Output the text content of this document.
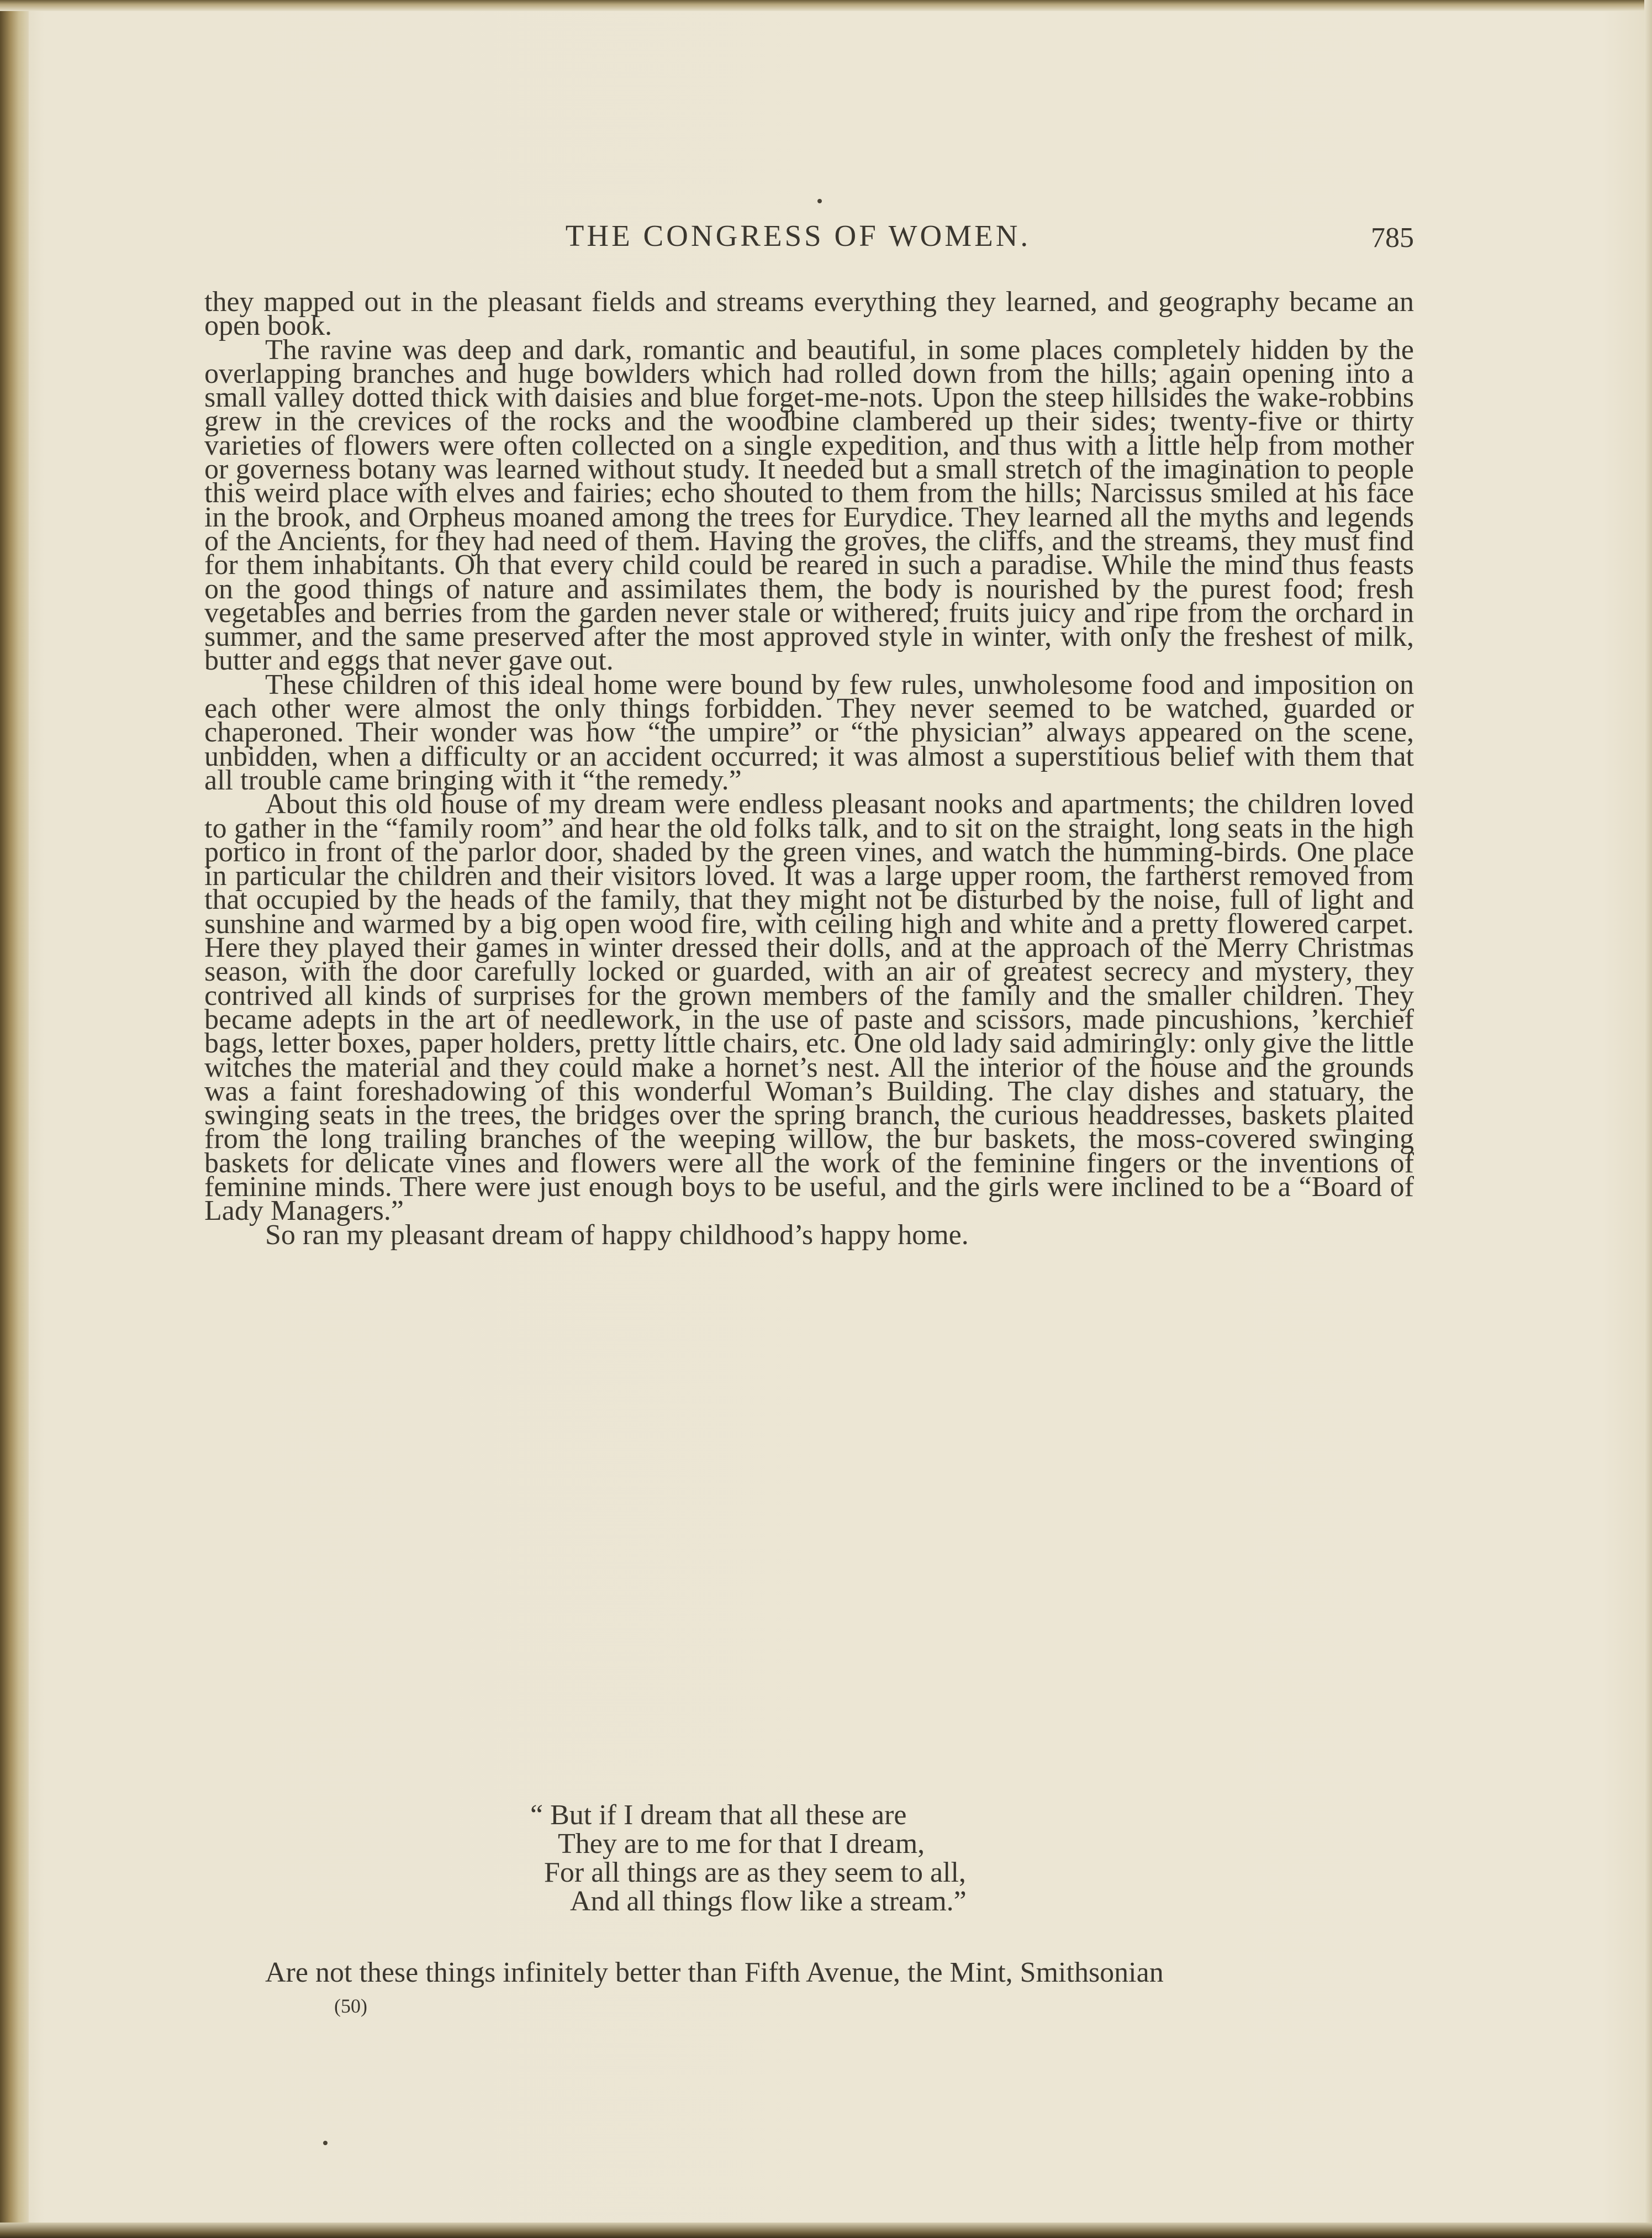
THE CONGRESS OF WOMEN.	785

they mapped out in the pleasant fields and streams everything they learned, and geography became an open book.

The ravine was deep and dark, romantic and beautiful, in some places completely hidden by the overlapping branches and huge bowlders which had rolled down from the hills; again opening into a small valley dotted thick with daisies and blue forget-me-nots. Upon the steep hillsides the wake-robbins grew in the crevices of the rocks and the woodbine clambered up their sides; twenty-five or thirty varieties of flowers were often collected on a single expedition, and thus with a little help from mother or governess botany was learned without study. It needed but a small stretch of the imagination to people this weird place with elves and fairies; echo shouted to them from the hills; Narcissus smiled at his face in the brook, and Orpheus moaned among the trees for Eurydice. They learned all the myths and legends of the Ancients, for they had need of them. Having the groves, the cliffs, and the streams, they must find for them inhabitants. Oh that every child could be reared in such a paradise. While the mind thus feasts on the good things of nature and assimilates them, the body is nourished by the purest food; fresh vegetables and berries from the garden never stale or withered; fruits juicy and ripe from the orchard in summer, and the same preserved after the most approved style in winter, with only the freshest of milk, butter and eggs that never gave out.

These children of this ideal home were bound by few rules, unwholesome food and imposition on each other were almost the only things forbidden. They never seemed to be watched, guarded or chaperoned. Their wonder was how “the umpire” or “the physician” always appeared on the scene, unbidden, when a difficulty or an accident occurred; it was almost a superstitious belief with them that all trouble came bringing with it “the remedy.”

About this old house of my dream were endless pleasant nooks and apartments; the children loved to gather in the “family room” and hear the old folks talk, and to sit on the straight, long seats in the high portico in front of the parlor door, shaded by the green vines, and watch the humming-birds. One place in particular the children and their visitors loved. It was a large upper room, the fartherst removed from that occupied by the heads of the family, that they might not be disturbed by the noise, full of light and sunshine and warmed by a big open wood fire, with ceiling high and white and a pretty flowered carpet. Here they played their games in winter dressed their dolls, and at the approach of the Merry Christmas season, with the door carefully locked or guarded, with an air of greatest secrecy and mystery, they contrived all kinds of surprises for the grown members of the family and the smaller children. They became adepts in the art of needlework, in the use of paste and scissors, made pincushions, ’kerchief bags, letter boxes, paper holders, pretty little chairs, etc. One old lady said admiringly: only give the little witches the material and they could make a hornet’s nest. All the interior of the house and the grounds was a faint foreshadowing of this wonderful Woman’s Building. The clay dishes and statuary, the swinging seats in the trees, the bridges over the spring branch, the curious headdresses, baskets plaited from the long trailing branches of the weeping willow, the bur baskets, the moss-covered swinging baskets for delicate vines and flowers were all the work of the feminine fingers or the inventions of feminine minds. There were just enough boys to be useful, and the girls were inclined to be a “Board of Lady Managers.”

So ran my pleasant dream of happy childhood’s happy home.

“ But if I dream that all these are
They are to me for that I dream,
For all things are as they seem to all,
And all things flow like a stream.”
Are not these things infinitely better than Fifth Avenue, the Mint, Smithsonian
(50)
